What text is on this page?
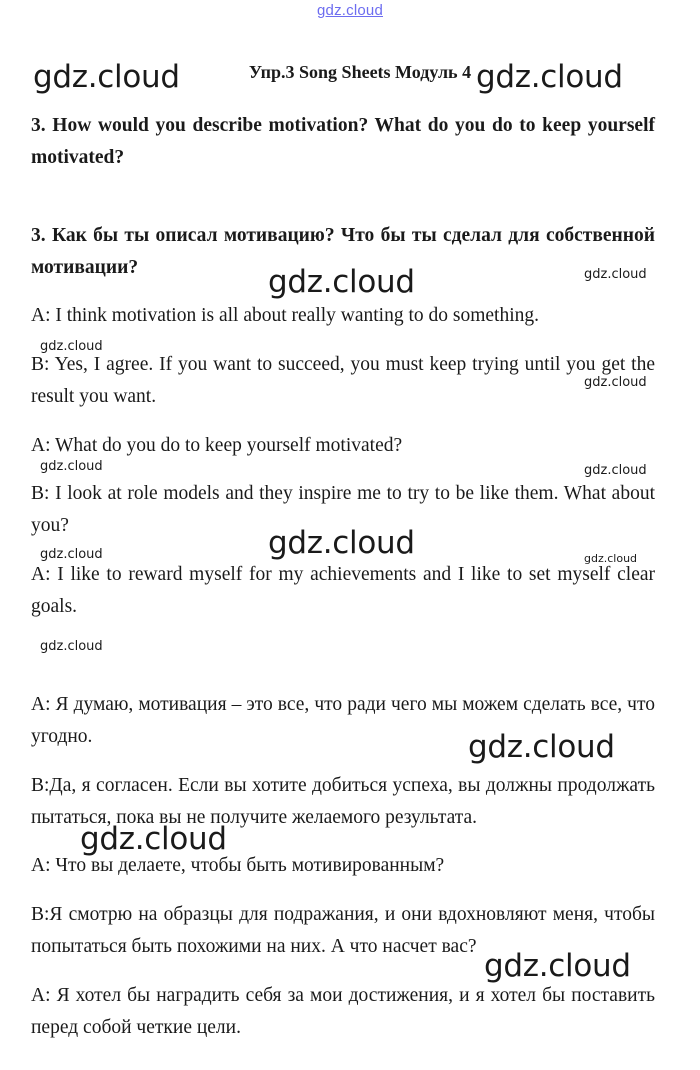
gdz.cloud
Упр.3 Song Sheets Модуль 4

3. How would you describe motivation? What do you do to keep yourself motivated?

3. Как бы ты описал мотивацию? Что бы ты сделал для собственной мотивации?

A: I think motivation is all about really wanting to do something.

B: Yes, I agree. If you want to succeed, you must keep trying until you get the result you want.

A: What do you do to keep yourself motivated?

B: I look at role models and they inspire me to try to be like them. What about you?

A: I like to reward myself for my achievements and I like to set myself clear goals.

A: Я думаю, мотивация – это все, что ради чего мы можем сделать все, что угодно.

B:Да, я согласен. Если вы хотите добиться успеха, вы должны продолжать пытаться, пока вы не получите желаемого результата.

A: Что вы делаете, чтобы быть мотивированным?

B:Я смотрю на образцы для подражания, и они вдохновляют меня, чтобы попытаться быть похожими на них. А что насчет вас?

A: Я хотел бы наградить себя за мои достижения, и я хотел бы поставить перед собой четкие цели.

gdz.cloud	gdz.cloud
gdz.cloud
gdz.cloud
gdz.cloud
gdz.cloud
gdz.cloud
gdz.cloud
gdz.cloud
gdz.cloud
gdz.cloud	gdz.cloud
gdz.cloud	gdz.cloud
gdz.cloud
